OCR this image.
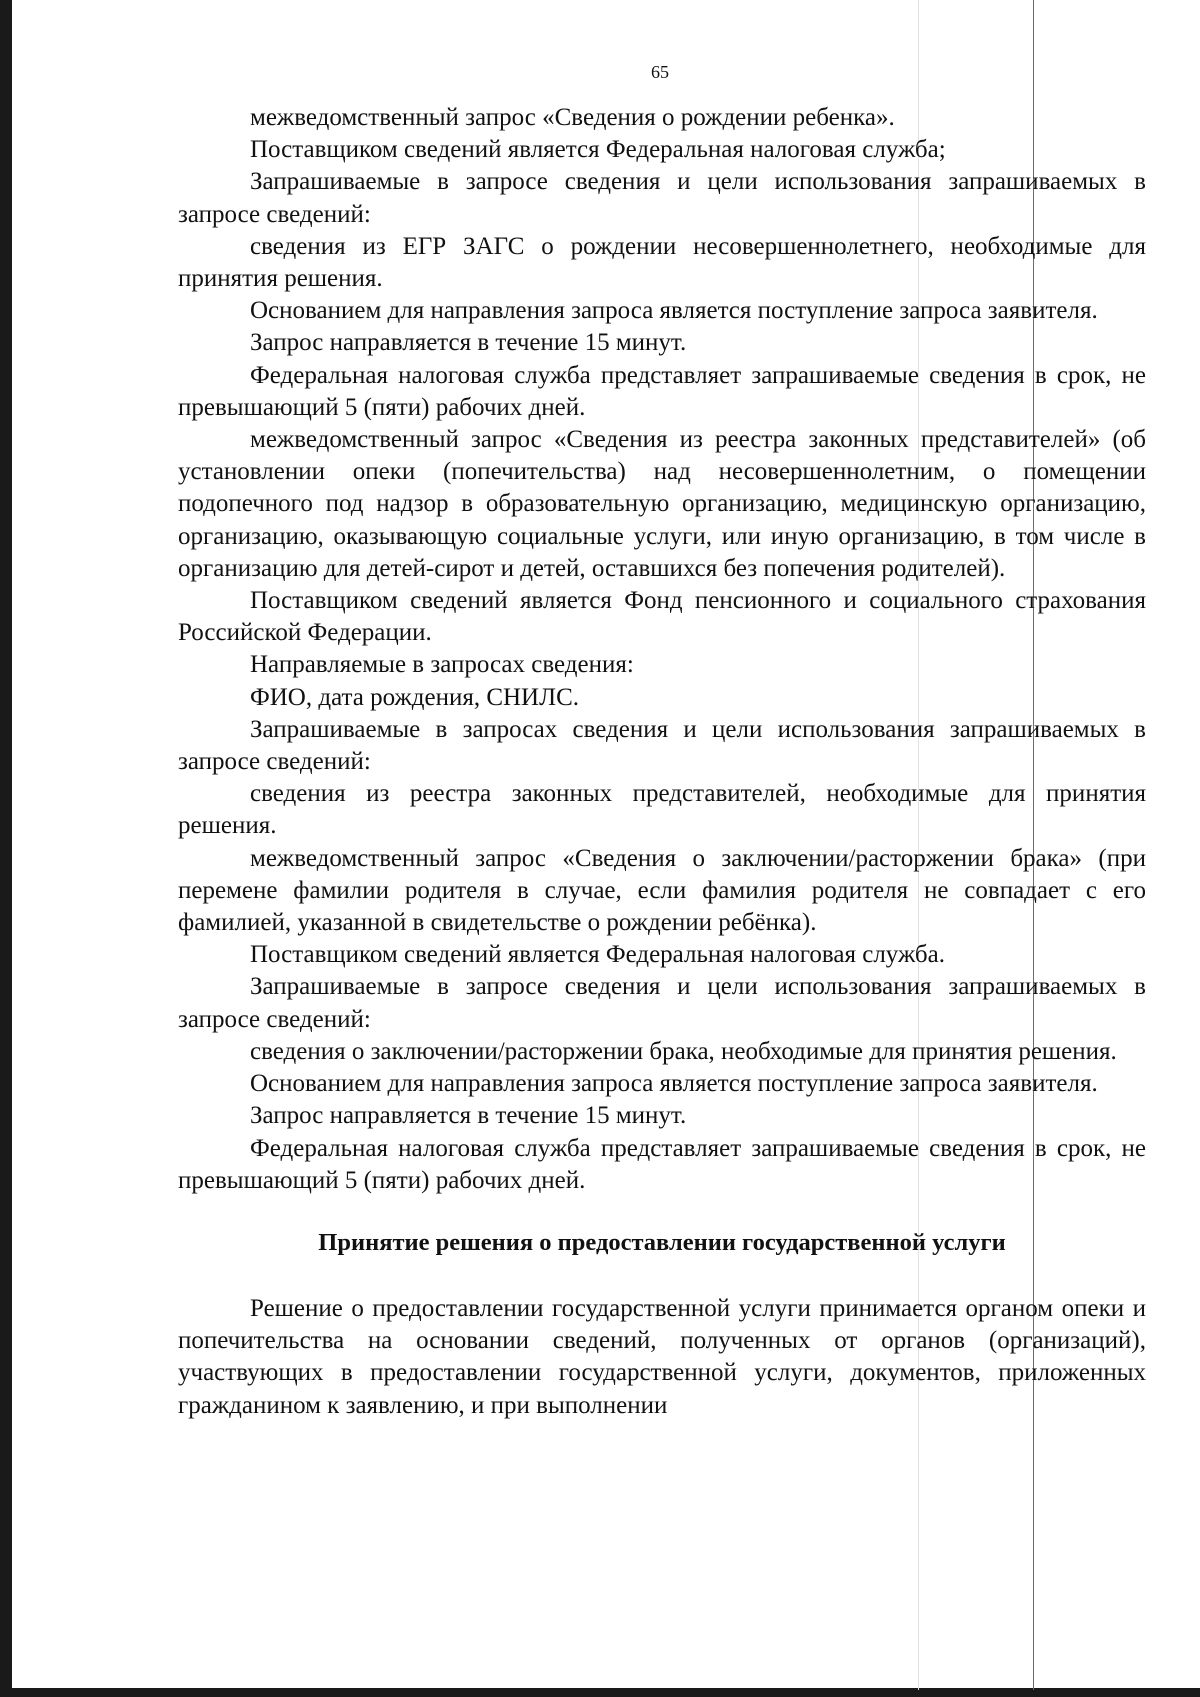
65

межведомственный запрос «Сведения о рождении ребенка».

Поставщиком сведений является Федеральная налоговая служба;

Запрашиваемые в запросе сведения и цели использования запрашиваемых в запросе сведений:

сведения из ЕГР ЗАГС о рождении несовершеннолетнего, необходимые для принятия решения.

Основанием для направления запроса является поступление запроса заявителя.

Запрос направляется в течение 15 минут.

Федеральная налоговая служба представляет запрашиваемые сведения в срок, не превышающий 5 (пяти) рабочих дней.

межведомственный запрос «Сведения из реестра законных представителей» (об установлении опеки (попечительства) над несовершеннолетним, о помещении подопечного под надзор в образовательную организацию, медицинскую организацию, организацию, оказывающую социальные услуги, или иную организацию, в том числе в организацию для детей-сирот и детей, оставшихся без попечения родителей).

Поставщиком сведений является Фонд пенсионного и социального страхования Российской Федерации.

Направляемые в запросах сведения:

ФИО, дата рождения, СНИЛС.

Запрашиваемые в запросах сведения и цели использования запрашиваемых в запросе сведений:

сведения из реестра законных представителей, необходимые для принятия решения.

межведомственный запрос «Сведения о заключении/расторжении брака» (при перемене фамилии родителя в случае, если фамилия родителя не совпадает с его фамилией, указанной в свидетельстве о рождении ребёнка).

Поставщиком сведений является Федеральная налоговая служба.

Запрашиваемые в запросе сведения и цели использования запрашиваемых в запросе сведений:

сведения о заключении/расторжении брака, необходимые для принятия решения.

Основанием для направления запроса является поступление запроса заявителя.

Запрос направляется в течение 15 минут.

Федеральная налоговая служба представляет запрашиваемые сведения в срок, не превышающий 5 (пяти) рабочих дней.

Принятие решения о предоставлении государственной услуги

Решение о предоставлении государственной услуги принимается органом опеки и попечительства на основании сведений, полученных от органов (организаций), участвующих в предоставлении государственной услуги, документов, приложенных гражданином к заявлению, и при выполнении
